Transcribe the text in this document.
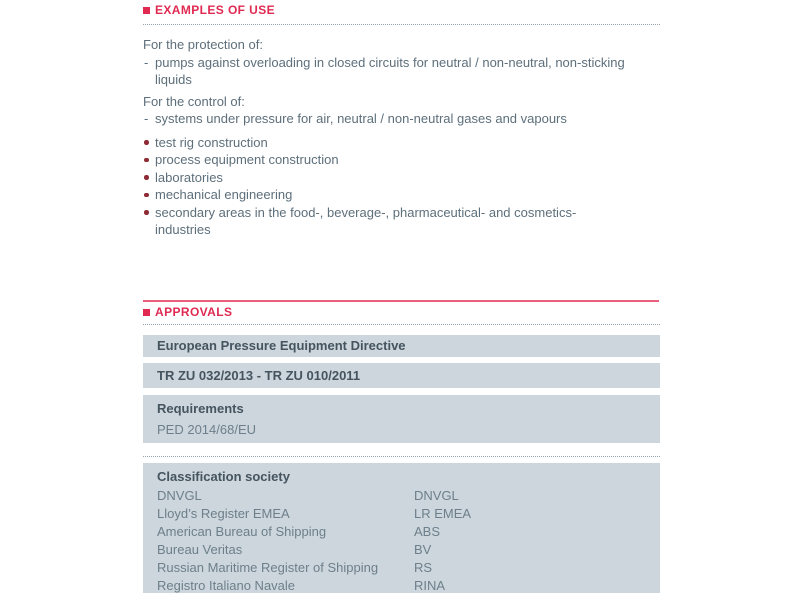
EXAMPLES OF USE
For the protection of:
- pumps against overloading in closed circuits for neutral / non-neutral, non-sticking liquids
For the control of:
- systems under pressure for air, neutral / non-neutral gases and vapours
test rig construction
process equipment construction
laboratories
mechanical engineering
secondary areas in the food-, beverage-, pharmaceutical- and cosmetics-industries
APPROVALS
European Pressure Equipment Directive
TR ZU 032/2013 - TR ZU 010/2011
Requirements
PED 2014/68/EU
Classification society
DNVGL	DNVGL
Lloyd’s Register EMEA	LR EMEA
American Bureau of Shipping	ABS
Bureau Veritas	BV
Russian Maritime Register of Shipping	RS
Registro Italiano Navale	RINA
